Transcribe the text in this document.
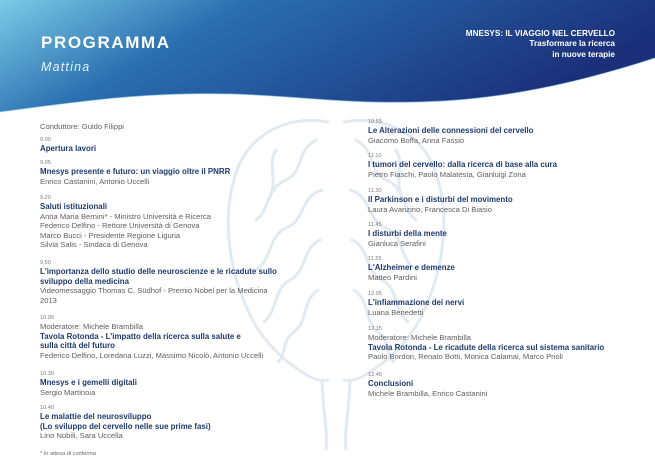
PROGRAMMA
Mattina
MNESYS: IL VIAGGIO NEL CERVELLO
Trasformare la ricerca
in nuove terapie
Conduttore: Guido Filippi
9.00
Apertura lavori
9.05
Mnesys presente e futuro: un viaggio oltre il PNRR
Enrico Castanini, Antonio Uccelli
9.20
Saluti istituzionali
Anna Maria Bernini* - Ministro Università e Ricerca
Federico Delfino - Rettore Università di Genova
Marco Bucci - Presidente Regione Liguria
Silvia Salis - Sindaca di Genova
9.50
L'importanza dello studio delle neuroscienze e le ricadute sullo
sviluppo della medicina
Videomessaggio Thomas C. Südhof - Premio Nobel per la Medicina
2013
10.00
Moderatore: Michele Brambilla
Tavola Rotonda - L'impatto della ricerca sulla salute e
sulla città del futuro
Federico Delfino, Loredana Luzzi, Massimo Nicolò, Antonio Uccelli
10.30
Mnesys e i gemelli digitali
Sergio Martinoia
10.40
Le malattie del neurosviluppo
(Lo sviluppo del cervello nelle sue prime fasi)
Lino Nobili, Sara Uccella
* In attesa di conferma
10.55
Le Alterazioni delle connessioni del cervello
Giacomo Boffa, Anna Fassio
11.10
I tumori del cervello: dalla ricerca di base alla cura
Pietro Fiaschi, Paolo Malatesta, Gianluigi Zona
11.30
Il Parkinson e i disturbi del movimento
Laura Avanzino, Francesca Di Biasio
11.45
I disturbi della mente
Gianluca Serafini
11.55
L'Alzheimer e demenze
Matteo Pardini
12.05
L'infiammazione dei nervi
Luana Benedetti
12.15
Moderatore: Michele Brambilla
Tavola Rotonda - Le ricadute della ricerca sul sistema sanitario
Paolo Bordon, Renato Botti, Monica Calamai, Marco Prioli
12.45
Conclusioni
Michele Brambilla, Enrico Castanini
